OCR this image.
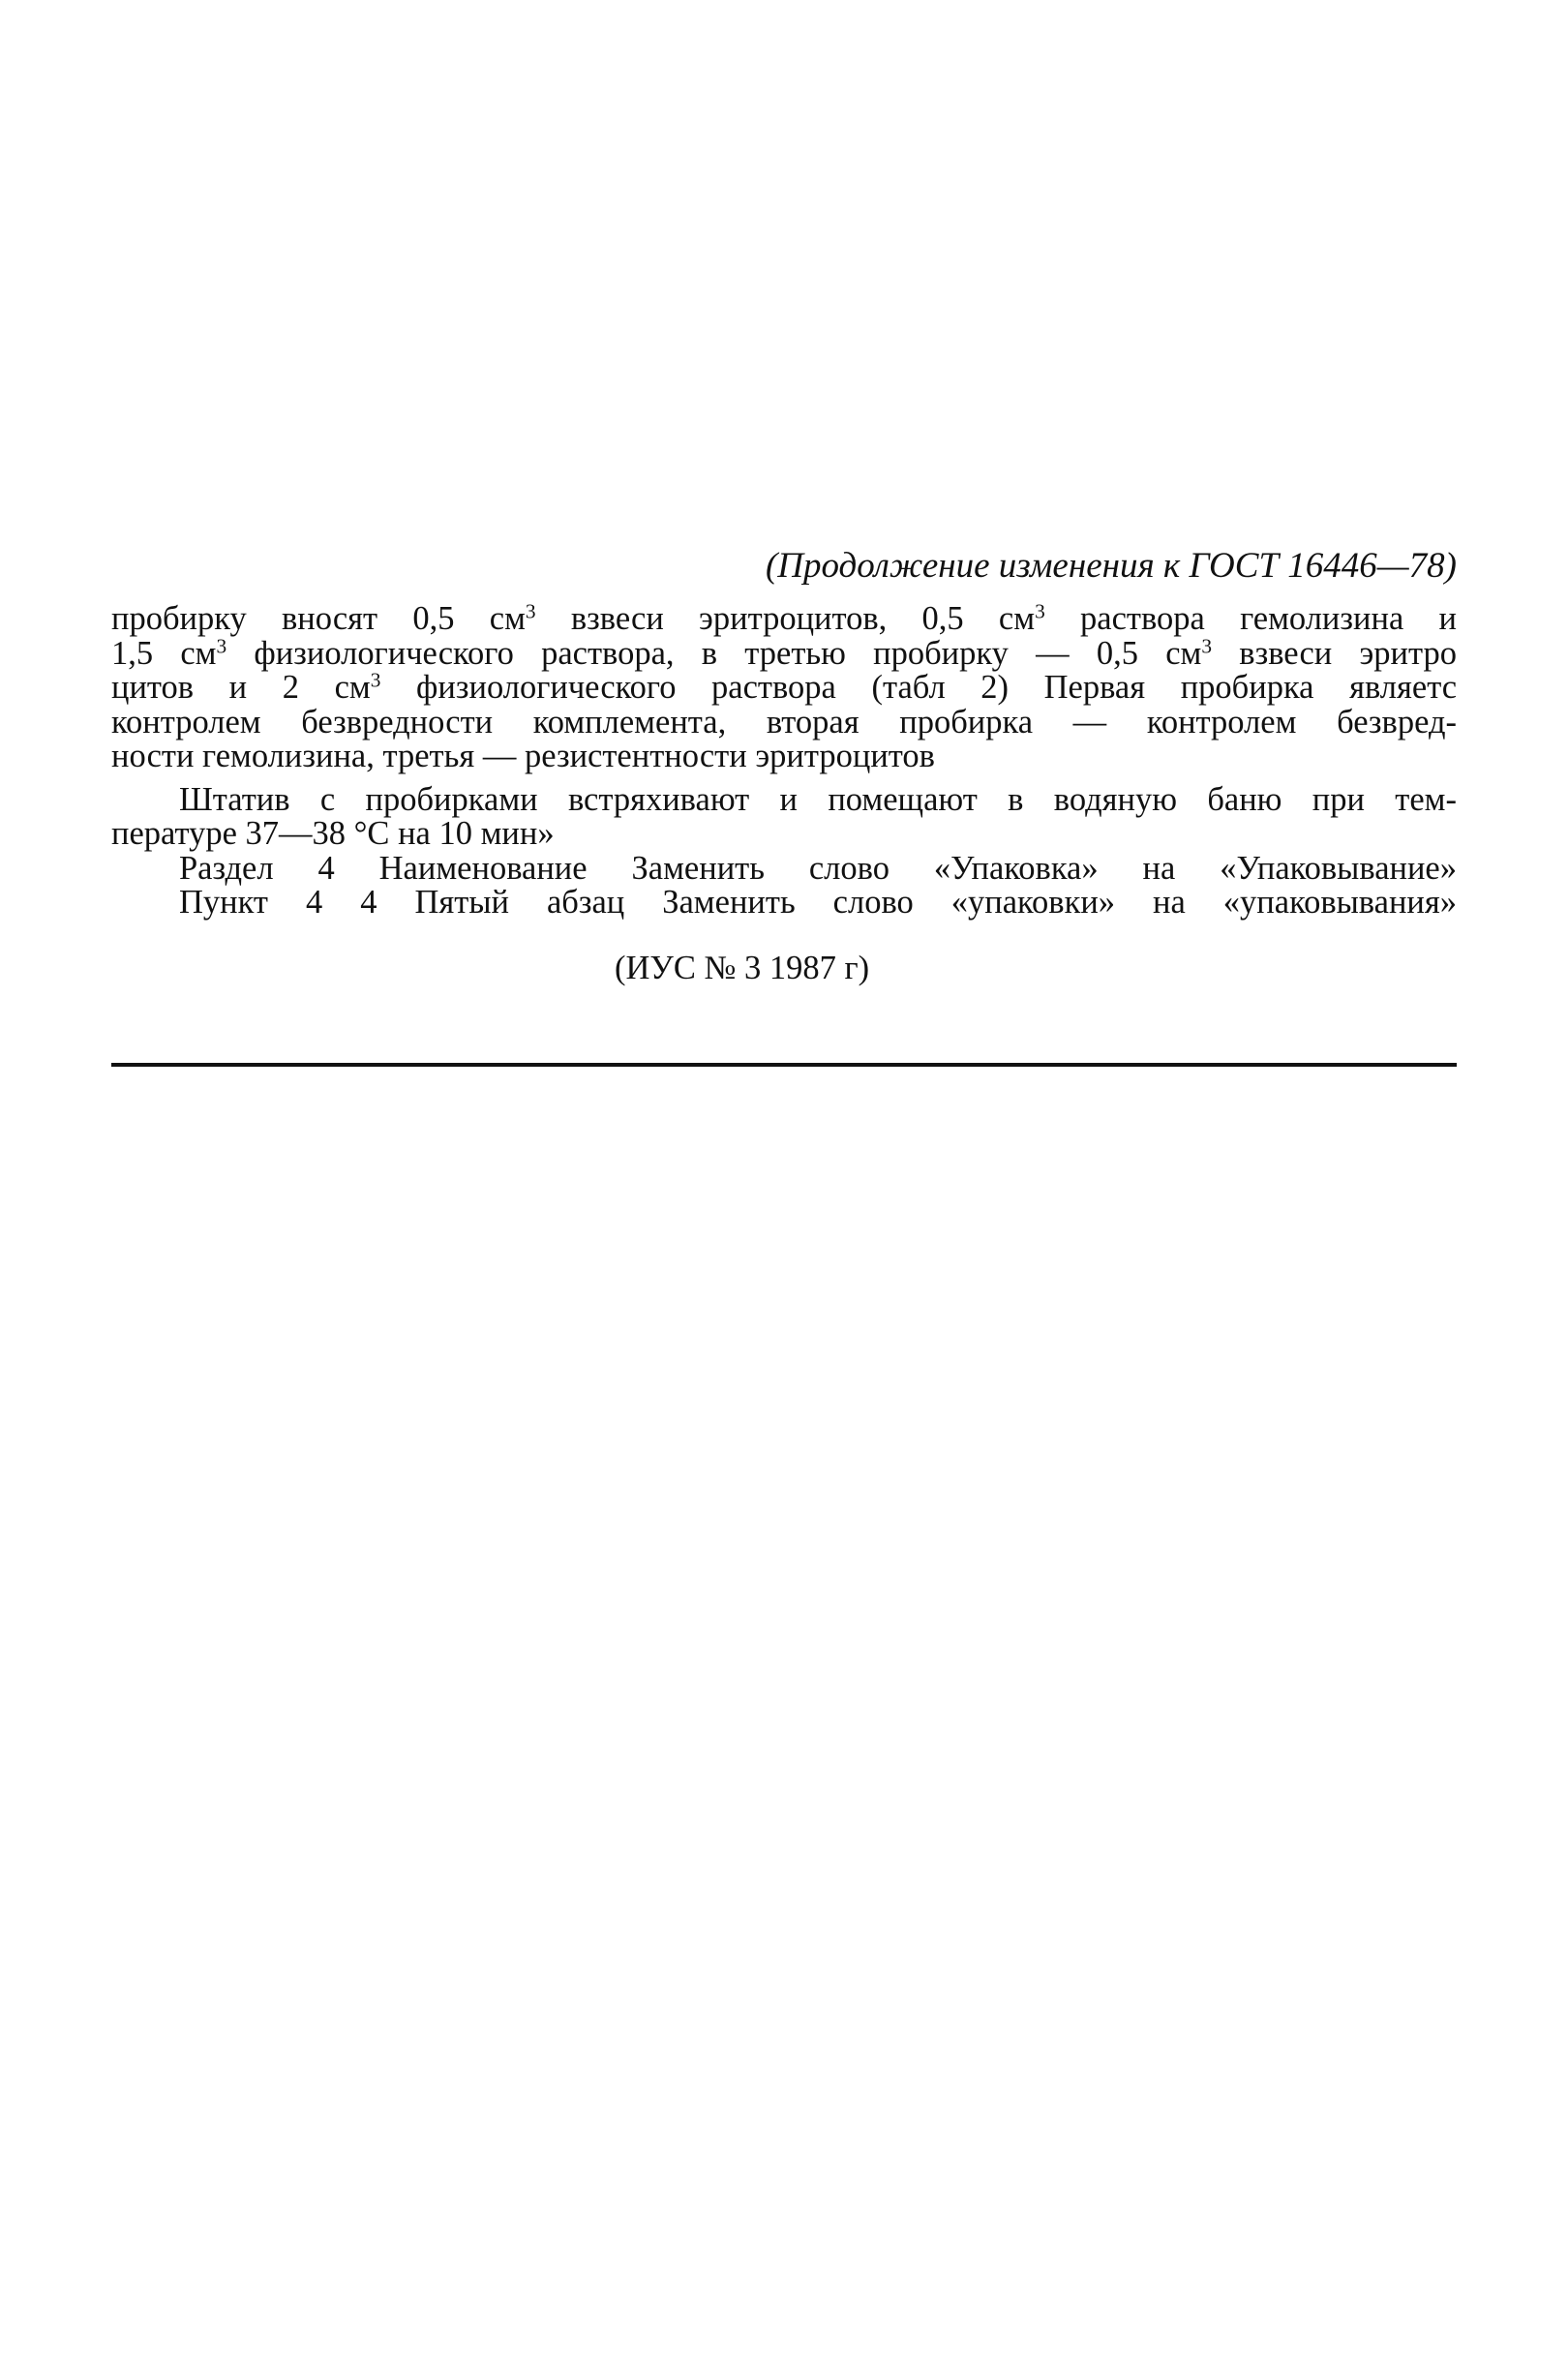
(Продолжение изменения к ГОСТ 16446—78)
пробирку вносят 0,5 $см^3$ взвеси эритроцитов, 0,5 $см^3$ раствора гемолизина и
1,5 $см^3$ физиологического раствора, в третью пробирку — 0,5 $см^3$ взвеси эритро
цитов и 2 $см^3$ физиологического раствора (табл 2) Первая пробирка являетс
контролем безвредности комплемента, вторая пробирка — контролем безвред-
ности гемолизина, третья — резистентности эритроцитов
Штатив с пробирками встряхивают и помещают в водяную баню при тем-
пературе 37—38 °С на 10 мин»
Раздел 4 Наименование Заменить слово «Упаковка» на «Упаковывание»
Пункт 4 4 Пятый абзац Заменить слово «упаковки» на «упаковывания»
(ИУС № 3 1987 г)
